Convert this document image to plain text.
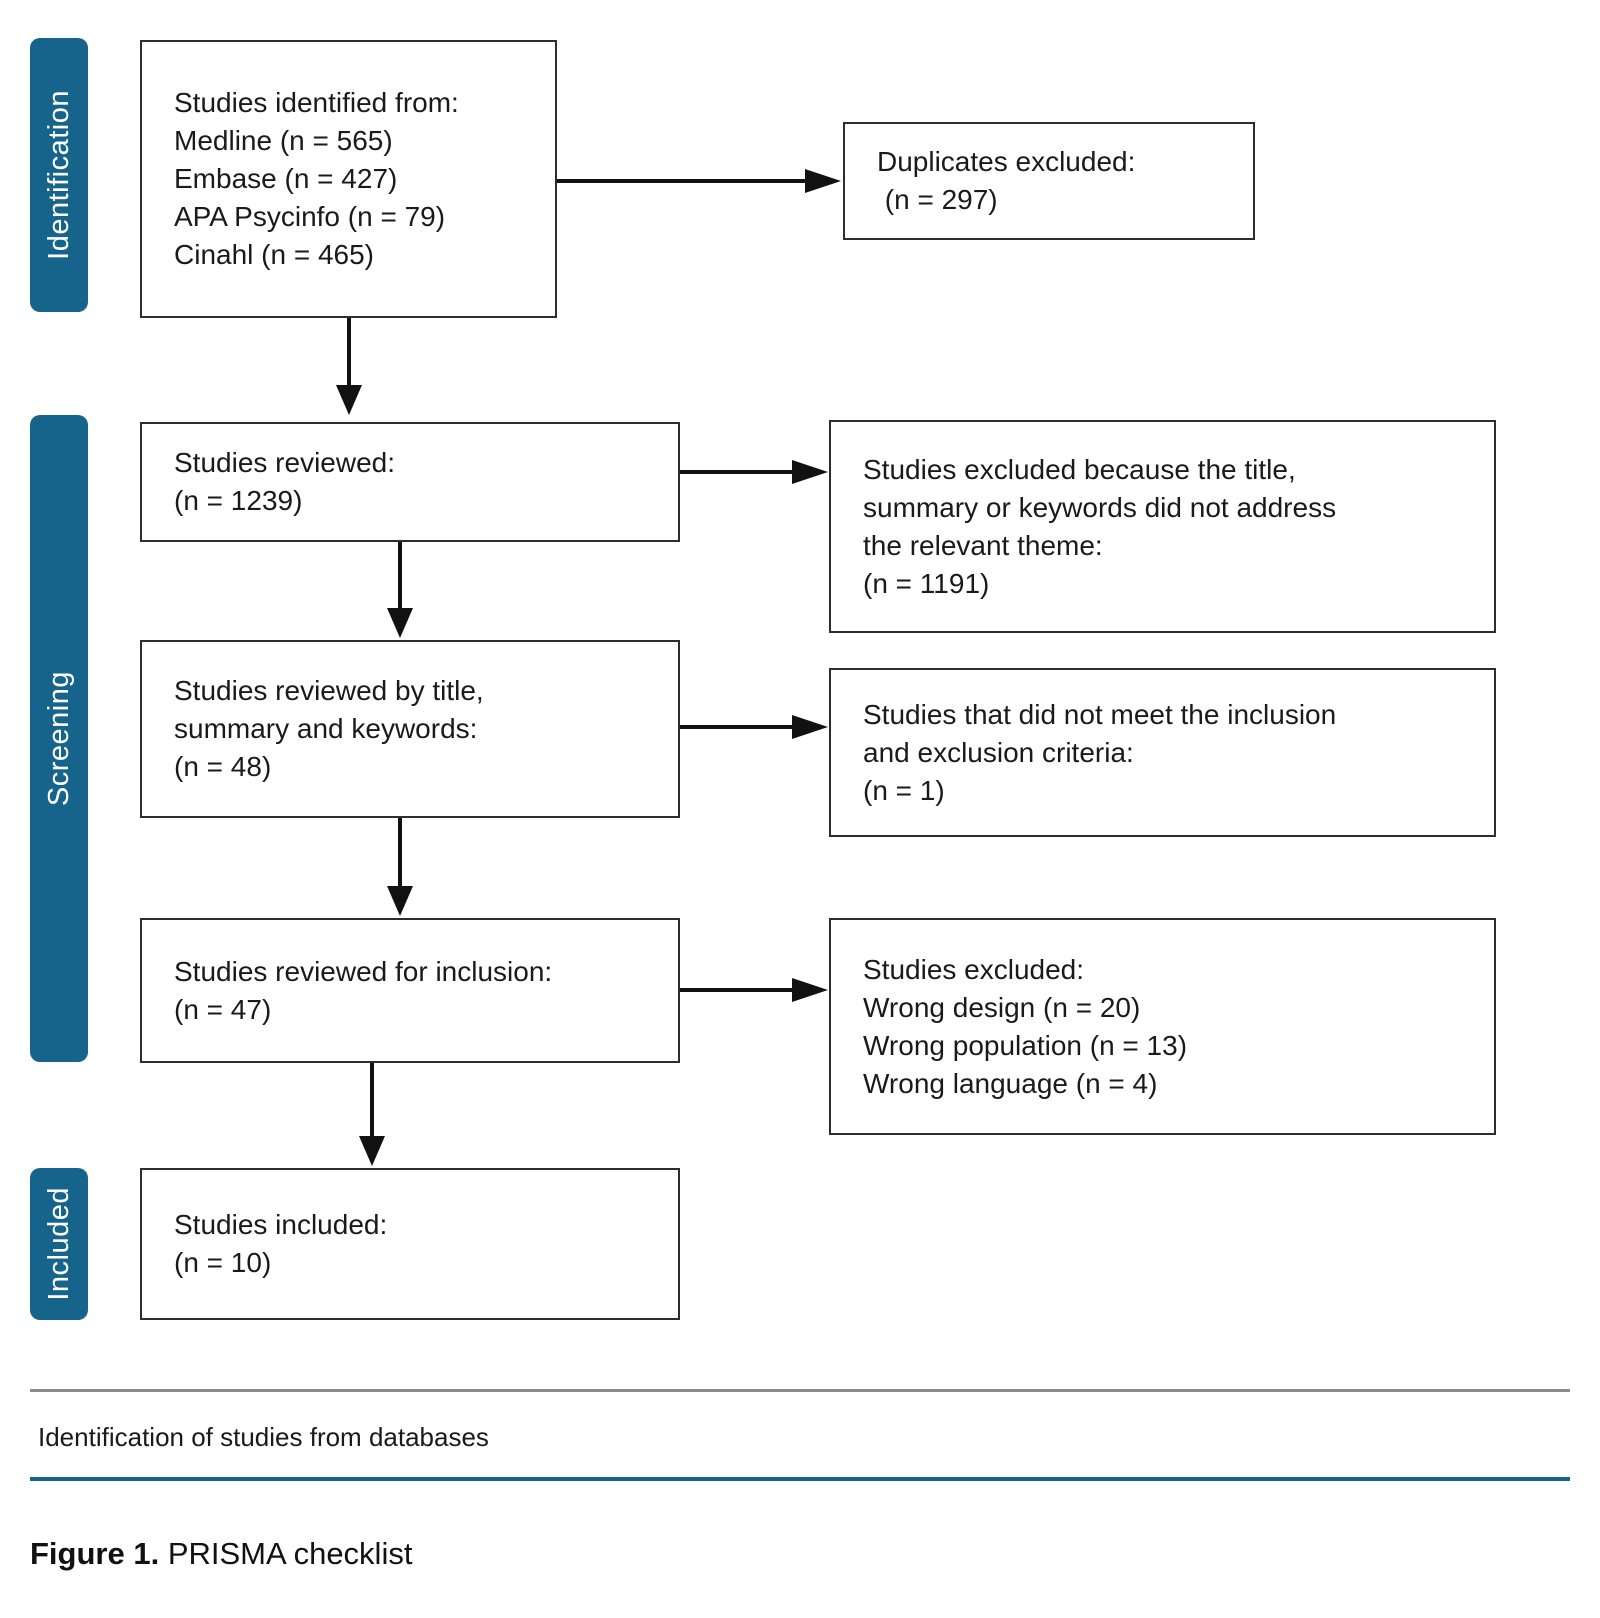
Identification
Screening
Included
Studies identified from:
Medline (n = 565)
Embase (n = 427)
APA Psycinfo (n = 79)
Cinahl (n = 465)
Duplicates excluded:
(n = 297)
Studies reviewed:
(n = 1239)
Studies excluded because the title,
summary or keywords did not address
the relevant theme:
(n = 1191)
Studies reviewed by title,
summary and keywords:
(n = 48)
Studies that did not meet the inclusion
and exclusion criteria:
(n = 1)
Studies reviewed for inclusion:
(n = 47)
Studies excluded:
Wrong design (n = 20)
Wrong population (n = 13)
Wrong language (n = 4)
Studies included:
(n = 10)
Identification of studies from databases
Figure 1. PRISMA checklist
